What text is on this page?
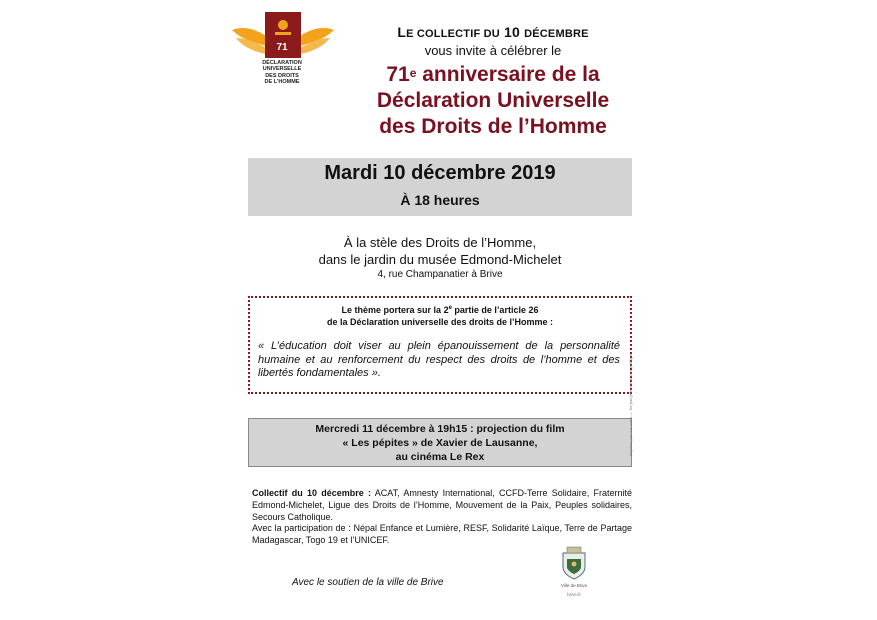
71
DÉCLARATION
UNIVERSELLE
DES DROITS
DE L'HOMME
LE COLLECTIF DU 10 DÉCEMBRE
vous invite à célébrer le
71e anniversaire de la
Déclaration Universelle
des Droits de l’Homme
Mardi 10 décembre 2019
À 18 heures
À la stèle des Droits de l’Homme,
dans le jardin du musée Edmond-Michelet
4, rue Champanatier à Brive
Le thème portera sur la 2e partie de l’article 26
de la Déclaration universelle des droits de l’Homme :
« L’éducation doit viser au plein épanouissement de la personnalité humaine et au renforcement du respect des droits de l’homme et des libertés fondamentales ».
Mercredi 11 décembre à 19h15 : projection du film
« Les pépites » de Xavier de Lausanne,
au cinéma Le Rex
Collectif du 10 décembre : ACAT, Amnesty International, CCFD-Terre Solidaire, Fraternité Edmond-Michelet, Ligue des Droits de l’Homme, Mouvement de la Paix, Peuples solidaires, Secours Catholique.
Avec la participation de : Népal Enfance et Lumière, RESF, Solidarité Laïque, Terre de Partage Madagascar, Togo 19 et l’UNICEF.
Avec le soutien de la ville de Brive	Ville de Brive
brive.fr
Imprimé par nos soins — Ne pas jeter sur la voie publique
